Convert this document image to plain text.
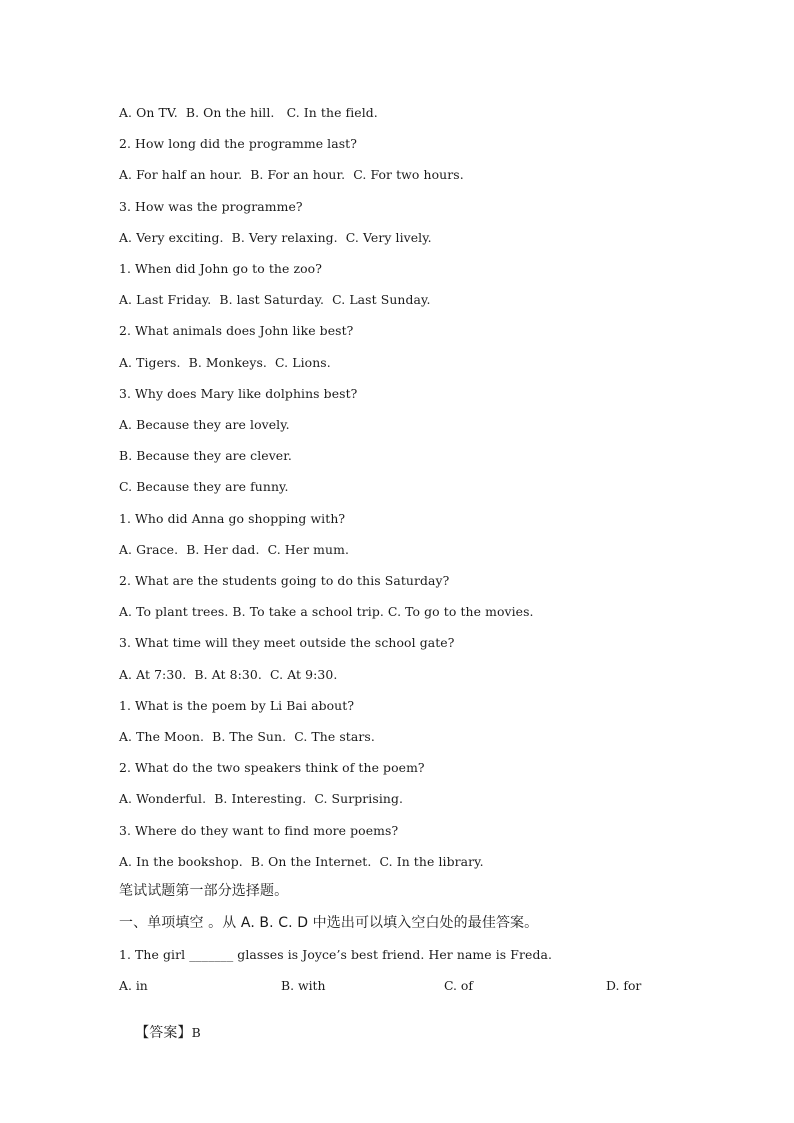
A. On TV.  B. On the hill.   C. In the field.
2. How long did the programme last?
A. For half an hour.  B. For an hour.  C. For two hours.
3. How was the programme?
A. Very exciting.  B. Very relaxing.  C. Very lively.
1. When did John go to the zoo?
A. Last Friday.  B. last Saturday.  C. Last Sunday.
2. What animals does John like best?
A. Tigers.  B. Monkeys.  C. Lions.
3. Why does Mary like dolphins best?
A. Because they are lovely.
B. Because they are clever.
C. Because they are funny.
1. Who did Anna go shopping with?
A. Grace.  B. Her dad.  C. Her mum.
2. What are the students going to do this Saturday?
A. To plant trees. B. To take a school trip. C. To go to the movies.
3. What time will they meet outside the school gate?
A. At 7:30.  B. At 8:30.  C. At 9:30.
1. What is the poem by Li Bai about?
A. The Moon.  B. The Sun.  C. The stars.
2. What do the two speakers think of the poem?
A. Wonderful.  B. Interesting.  C. Surprising.
3. Where do they want to find more poems?
A. In the bookshop.  B. On the Internet.  C. In the library.
笔试试题第一部分选择题。
一、单项填空 。从 A. B. C. D 中选出可以填入空白处的最佳答案。
1. The girl _______ glasses is Joyce’s best friend. Her name is Freda.
A. in	B. with	C. of	D. for

【答案】B
